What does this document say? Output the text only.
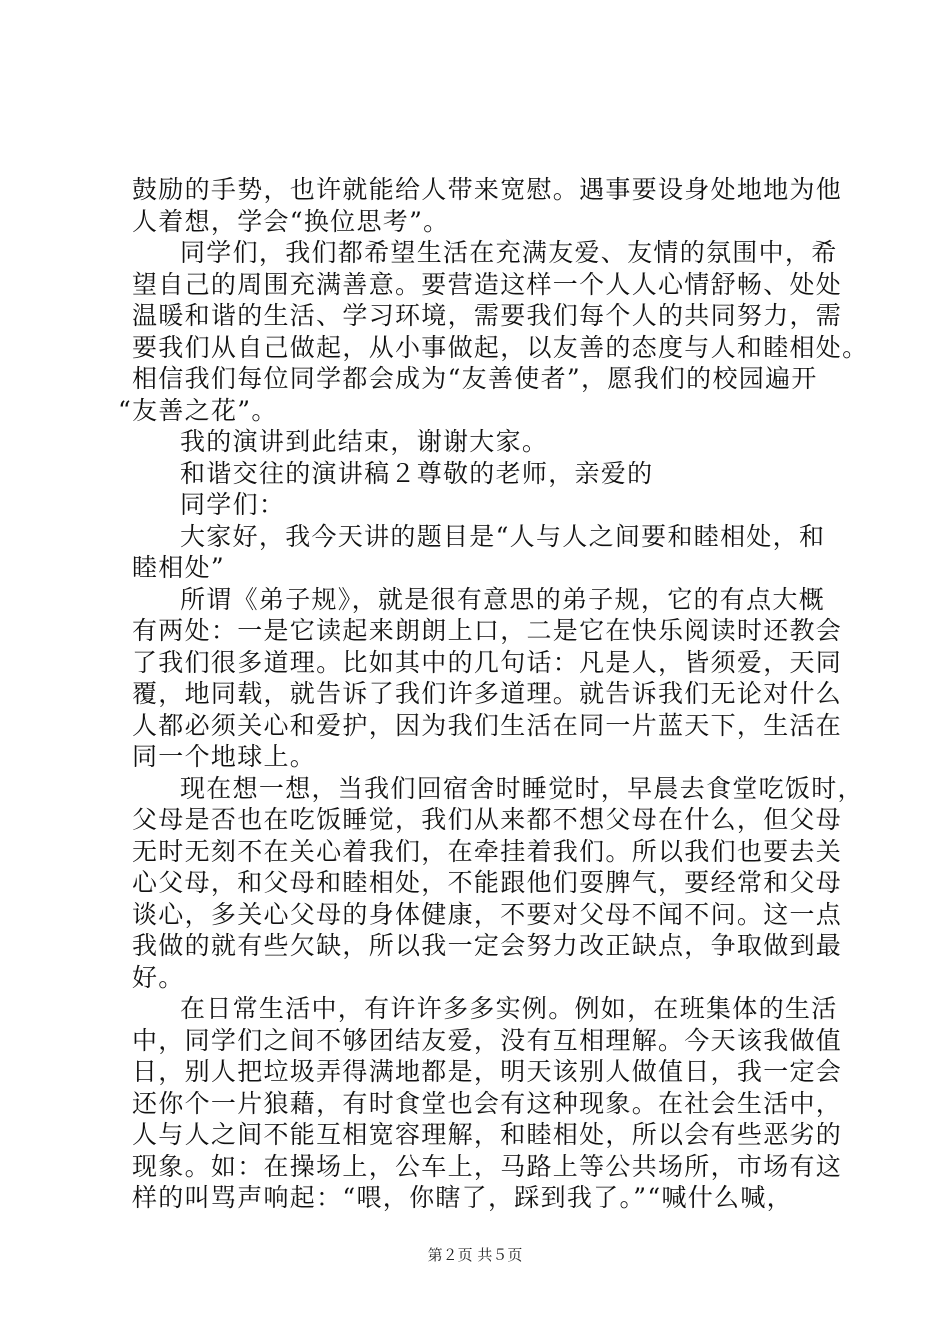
鼓励的手势，也许就能给人带来宽慰。遇事要设身处地地为他
人着想，学会“换位思考”。
同学们，我们都希望生活在充满友爱、友情的氛围中，希
望自己的周围充满善意。要营造这样一个人人心情舒畅、处处
温暖和谐的生活、学习环境，需要我们每个人的共同努力，需
要我们从自己做起，从小事做起，以友善的态度与人和睦相处。
相信我们每位同学都会成为“友善使者”，愿我们的校园遍开
“友善之花”。
我的演讲到此结束，谢谢大家。
和谐交往的演讲稿２尊敬的老师，亲爱的
同学们：
大家好，我今天讲的题目是“人与人之间要和睦相处，和
睦相处”
所谓《弟子规》，就是很有意思的弟子规，它的有点大概
有两处：一是它读起来朗朗上口，二是它在快乐阅读时还教会
了我们很多道理。比如其中的几句话：凡是人，皆须爱，天同
覆，地同载，就告诉了我们许多道理。就告诉我们无论对什么
人都必须关心和爱护，因为我们生活在同一片蓝天下，生活在
同一个地球上。
现在想一想，当我们回宿舍时睡觉时，早晨去食堂吃饭时，
父母是否也在吃饭睡觉，我们从来都不想父母在什么，但父母
无时无刻不在关心着我们，在牵挂着我们。所以我们也要去关
心父母，和父母和睦相处，不能跟他们耍脾气，要经常和父母
谈心，多关心父母的身体健康，不要对父母不闻不问。这一点
我做的就有些欠缺，所以我一定会努力改正缺点，争取做到最
好。
在日常生活中，有许许多多实例。例如，在班集体的生活
中，同学们之间不够团结友爱，没有互相理解。今天该我做值
日，别人把垃圾弄得满地都是，明天该别人做值日，我一定会
还你个一片狼藉，有时食堂也会有这种现象。在社会生活中，
人与人之间不能互相宽容理解，和睦相处，所以会有些恶劣的
现象。如：在操场上，公车上，马路上等公共场所，市场有这
样的叫骂声响起：“喂，你瞎了，踩到我了。”“喊什么喊，
第２页 共５页
